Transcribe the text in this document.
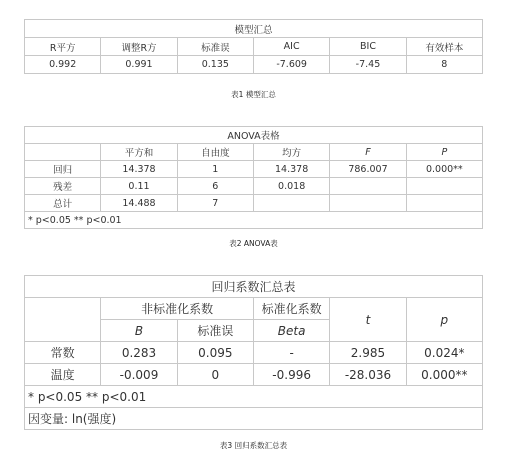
模型汇总					
R平方	调整R方	标准误	AIC	BIC	有效样本
0.992	0.991	0.135	-7.609	-7.45	8
表1 模型汇总
ANOVA表格					
	平方和	自由度	均方	F	P
回归	14.378	1	14.378	786.007	0.000**
残差	0.11	6	0.018		
总计	14.488	7			
* p<0.05 ** p<0.01					
表2 ANOVA表
回归系数汇总表					
	非标准化系数		标准化系数	t	p
	B	标准误	Beta		
常数	0.283	0.095	-	2.985	0.024*
温度	-0.009	0	-0.996	-28.036	0.000**
* p<0.05 ** p<0.01					
因变量: ln(强度)					
表3 回归系数汇总表
